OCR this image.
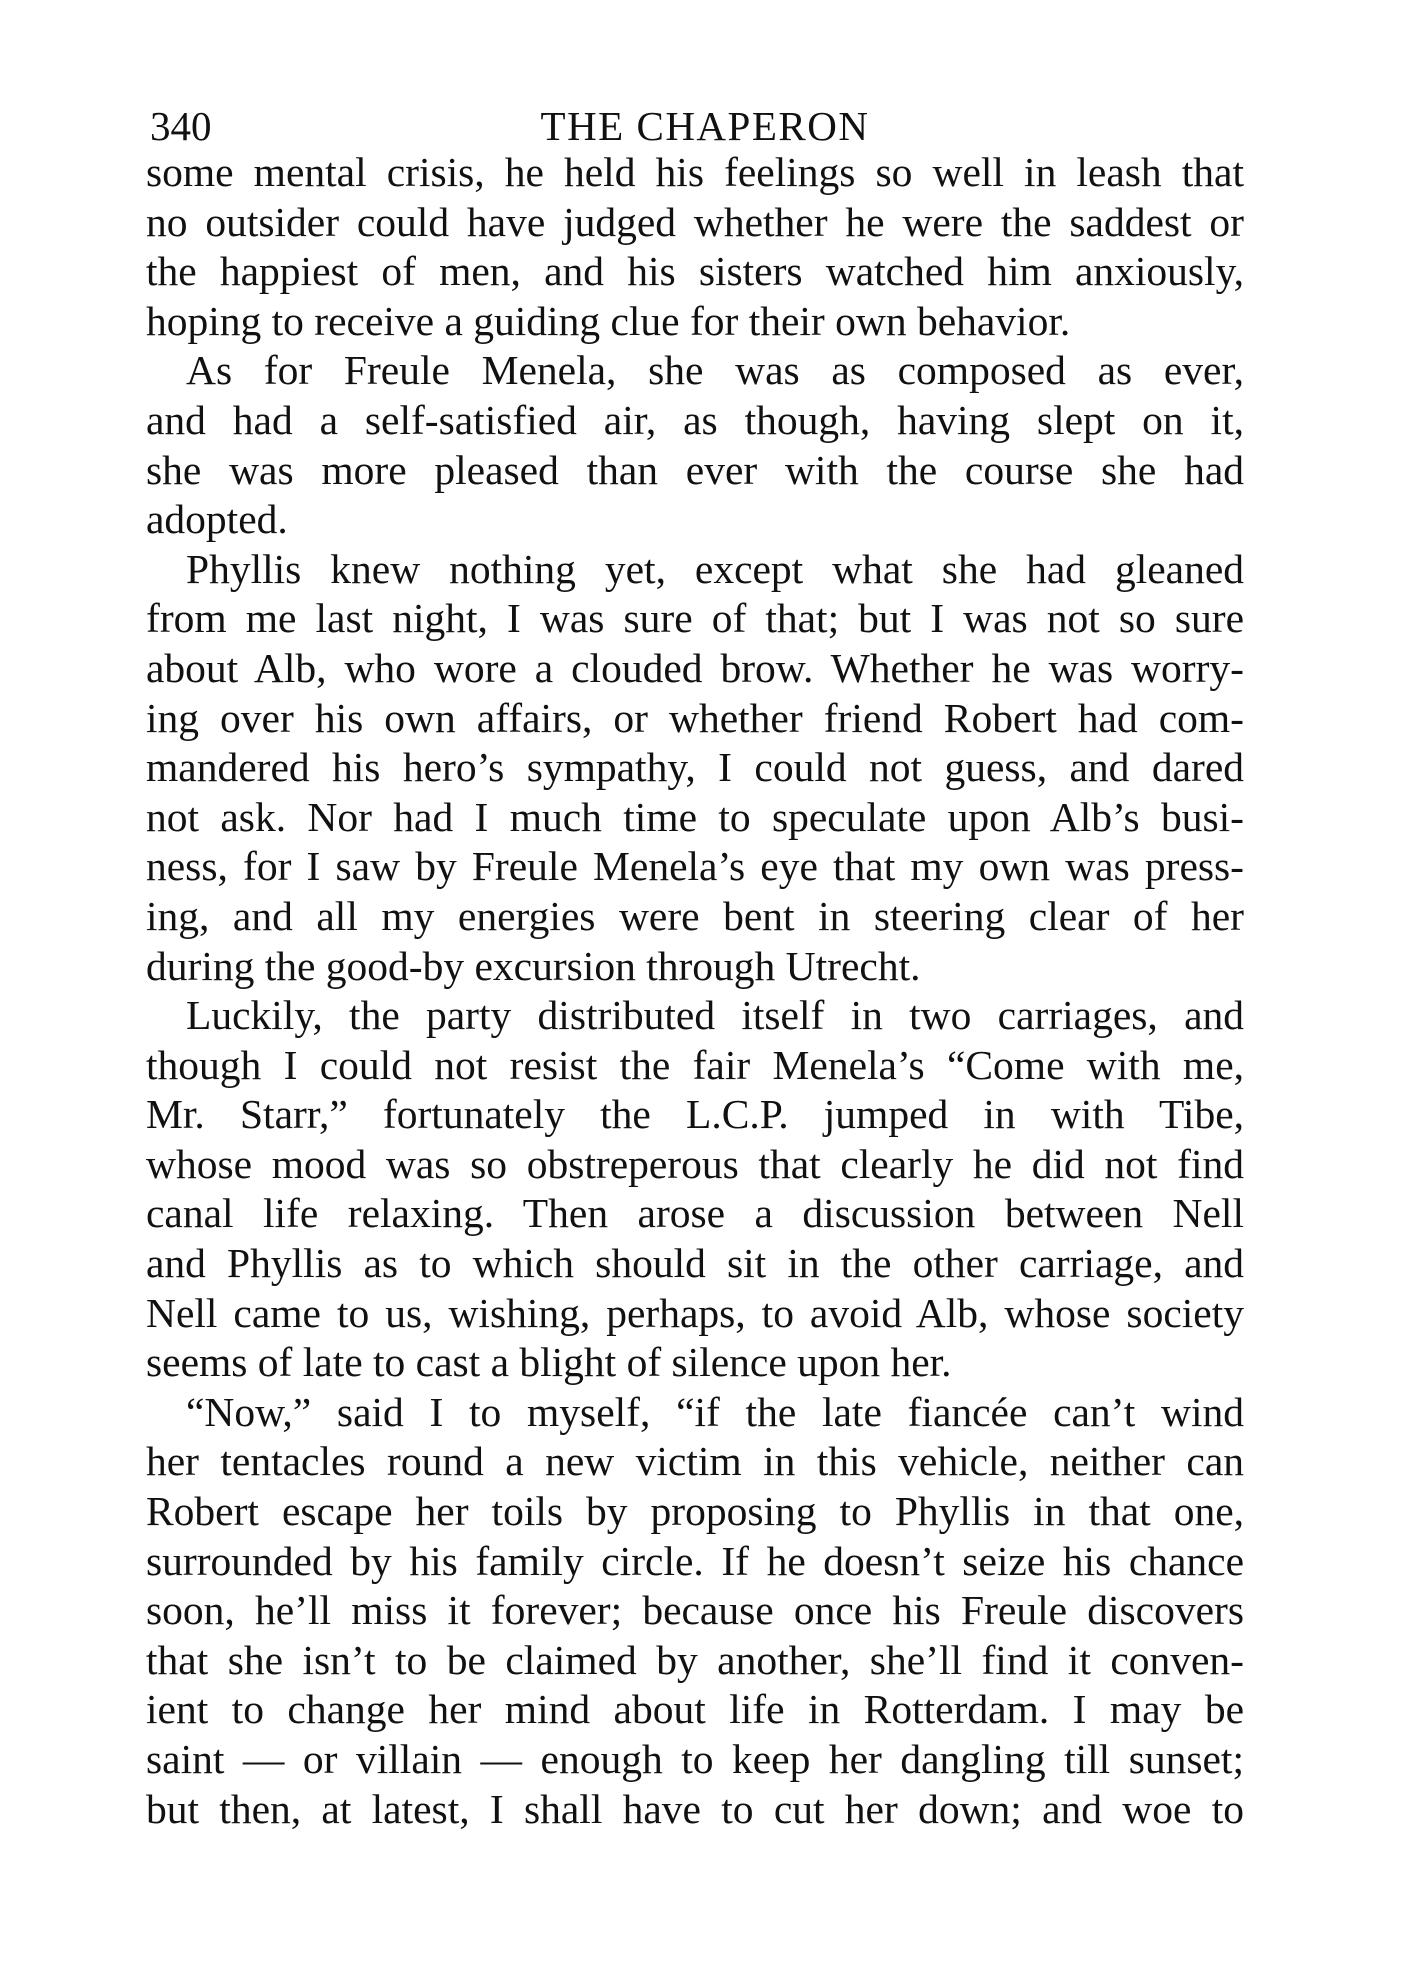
340	THE CHAPERON
some mental crisis, he held his feelings so well in leash that
no outsider could have judged whether he were the saddest or
the happiest of men, and his sisters watched him anxiously,
hoping to receive a guiding clue for their own behavior.
As for Freule Menela, she was as composed as ever,
and had a self-satisfied air, as though, having slept on it,
she was more pleased than ever with the course she had
adopted.
Phyllis knew nothing yet, except what she had gleaned
from me last night, I was sure of that; but I was not so sure
about Alb, who wore a clouded brow. Whether he was worry-
ing over his own affairs, or whether friend Robert had com-
mandered his hero’s sympathy, I could not guess, and dared
not ask. Nor had I much time to speculate upon Alb’s busi-
ness, for I saw by Freule Menela’s eye that my own was press-
ing, and all my energies were bent in steering clear of her
during the good-by excursion through Utrecht.
Luckily, the party distributed itself in two carriages, and
though I could not resist the fair Menela’s “Come with me,
Mr. Starr,” fortunately the L.C.P. jumped in with Tibe,
whose mood was so obstreperous that clearly he did not find
canal life relaxing. Then arose a discussion between Nell
and Phyllis as to which should sit in the other carriage, and
Nell came to us, wishing, perhaps, to avoid Alb, whose society
seems of late to cast a blight of silence upon her.
“Now,” said I to myself, “if the late fiancée can’t wind
her tentacles round a new victim in this vehicle, neither can
Robert escape her toils by proposing to Phyllis in that one,
surrounded by his family circle. If he doesn’t seize his chance
soon, he’ll miss it forever; because once his Freule discovers
that she isn’t to be claimed by another, she’ll find it conven-
ient to change her mind about life in Rotterdam. I may be
saint — or villain — enough to keep her dangling till sunset;
but then, at latest, I shall have to cut her down; and woe to
